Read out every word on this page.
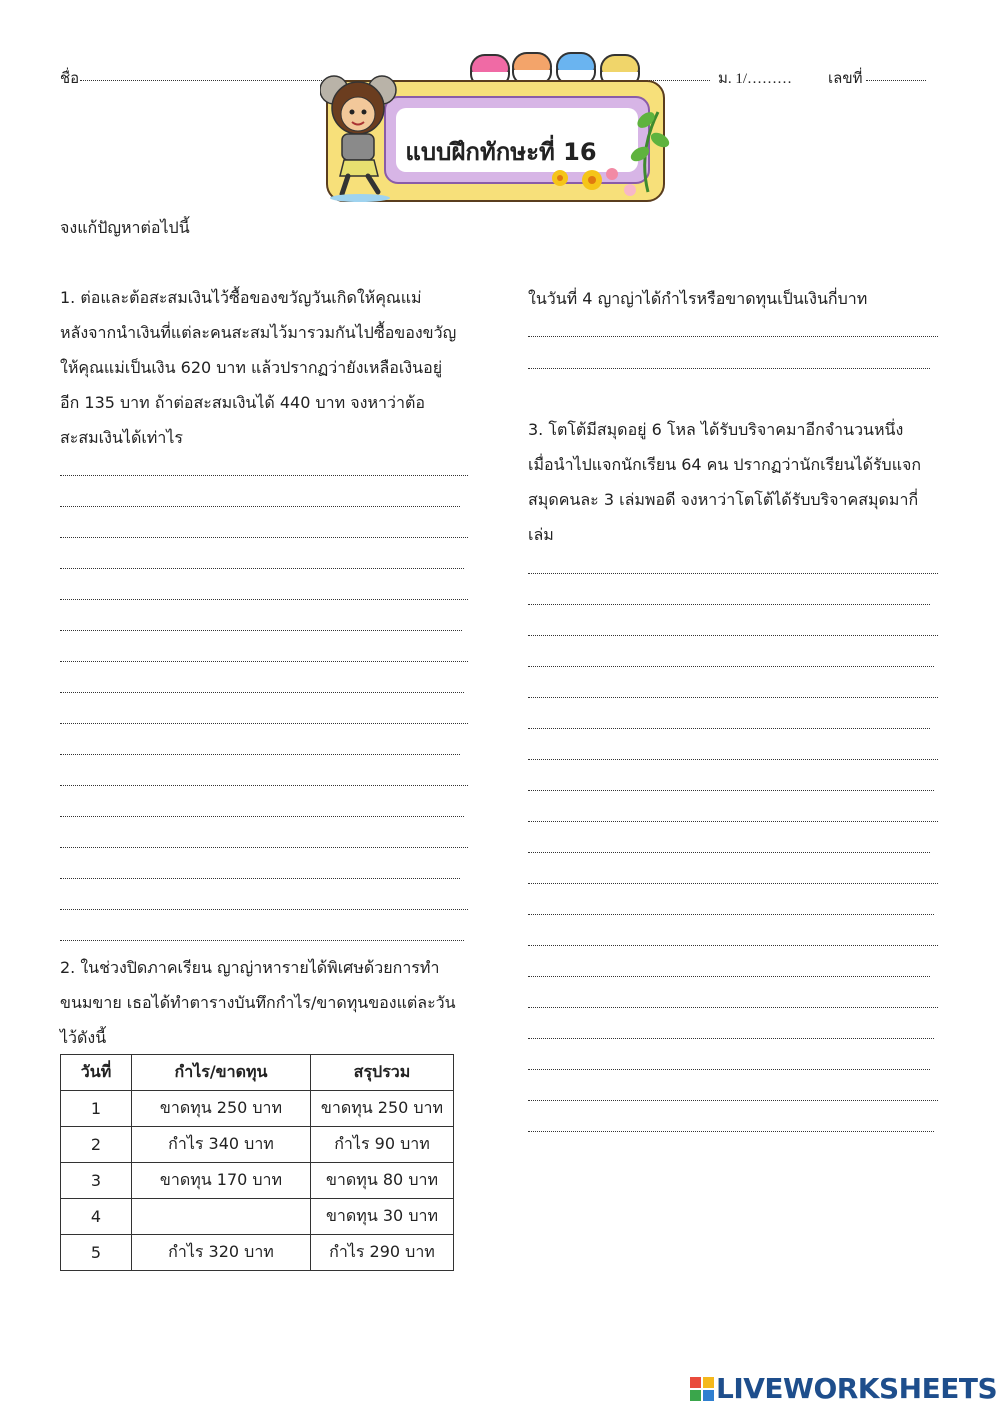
ชื่อ	ม. 1/……… เลขที่
แบบฝึกทักษะที่ 16
จงแก้ปัญหาต่อไปนี้

1. ต่อและต้อสะสมเงินไว้ซื้อของขวัญวันเกิดให้คุณแม่

หลังจากนำเงินที่แต่ละคนสะสมไว้มารวมกันไปซื้อของขวัญ

ให้คุณแม่เป็นเงิน 620 บาท แล้วปรากฏว่ายังเหลือเงินอยู่

อีก 135 บาท ถ้าต่อสะสมเงินได้ 440 บาท จงหาว่าต้อ

สะสมเงินได้เท่าไร

2. ในช่วงปิดภาคเรียน ญาญ่าหารายได้พิเศษด้วยการทำ

ขนมขาย เธอได้ทำตารางบันทึกกำไร/ขาดทุนของแต่ละวัน

ไว้ดังนี้

วันที่	กำไร/ขาดทุน	สรุปรวม
1	ขาดทุน 250 บาท	ขาดทุน 250 บาท
2	กำไร 340 บาท	กำไร 90 บาท
3	ขาดทุน 170 บาท	ขาดทุน 80 บาท
4		ขาดทุน 30 บาท
5	กำไร 320 บาท	กำไร 290 บาท
ในวันที่ 4 ญาญ่าได้กำไรหรือขาดทุนเป็นเงินกี่บาท

3. โตโต้มีสมุดอยู่ 6 โหล ได้รับบริจาคมาอีกจำนวนหนึ่ง

เมื่อนำไปแจกนักเรียน 64 คน ปรากฏว่านักเรียนได้รับแจก

สมุดคนละ 3 เล่มพอดี จงหาว่าโตโต้ได้รับบริจาคสมุดมากี่

เล่ม

LIVEWORKSHEETS
